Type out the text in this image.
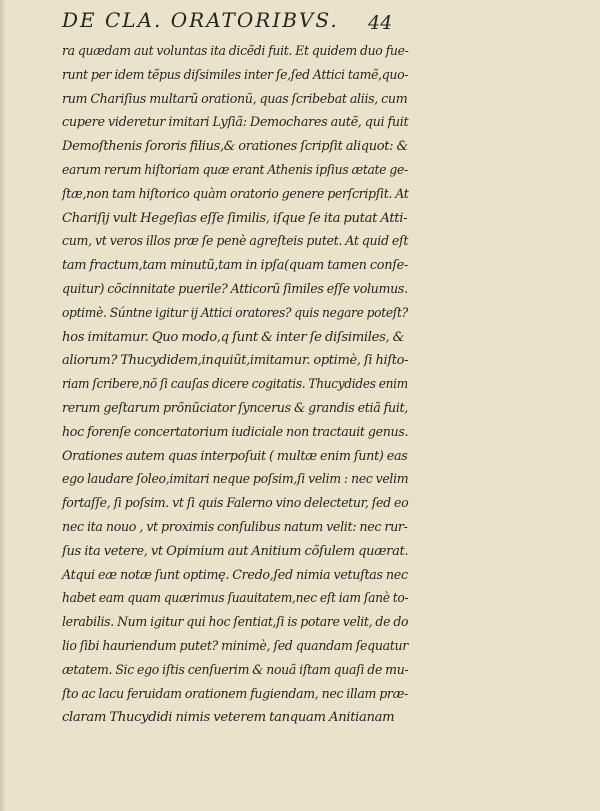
DE CLA. ORATORIBVS.	44
ra quædam aut voluntas ita dicẽdi fuit. Et quidem duo fue-
runt per idem tẽpus diſsimiles inter ſe,ſed Attici tamẽ,quo-
rum Chariſius multarũ orationũ, quas ſcribebat aliis, cum
cupere videretur imitari Lyſiã: Demochares autẽ, qui fuit
Demoſthenis ſororis filius,& orationes ſcripſit aliquot: &
earum rerum hiſtoriam quæ erant Athenis ipſius ætate ge-
ſtæ,non tam hiſtorico quàm oratorio genere perſcripſit. At
Chariſij vult Hegeſias eſſe ſimilis, iſque ſe ita putat Atti-
cum, vt veros illos præ ſe penè agreſteis putet. At quid eſt
tam fractum,tam minutũ,tam in ipſa(quam tamen conſe-
quitur) cõcinnitate puerile? Atticorũ ſimiles eſſe volumus.
optimè. Súntne igitur ij Attici oratores? quis negare poteſt?
hos imitamur. Quo modo,q ſunt & inter ſe diſsimiles, &
aliorum? Thucydidem,inquiũt,imitamur. optimè, ſi hiſto-
riam ſcribere,nõ ſi cauſas dicere cogitatis. Thucydides enim
rerum geſtarum prõnũciator ſyncerus & grandis etiã fuit,
hoc forenſe concertatorium iudiciale non tractauit genus.
Orationes autem quas interpoſuit ( multæ enim ſunt) eas
ego laudare ſoleo,imitari neque poſsim,ſi velim : nec velim
fortaſſe, ſi poſsim. vt ſi quis Falerno vino delectetur, ſed eo
nec ita nouo , vt proximis conſulibus natum velit: nec rur-
ſus ita vetere, vt Opimium aut Anitium cõſulem quærat.
Atqui eæ notæ ſunt optimę. Credo,ſed nimia vetuſtas nec
habet eam quam quærimus ſuauitatem,nec eſt iam ſanè to-
lerabilis. Num igitur qui hoc ſentiat,ſi is potare velit, de do
lio ſibi hauriendum putet? minimè, ſed quandam ſequatur
ætatem. Sic ego iſtis cenſuerim & nouã iſtam quaſi de mu-
ſto ac lacu feruidam orationem fugiendam, nec illam præ-
claram Thucydidi nimis veterem tanquam Anitianam
